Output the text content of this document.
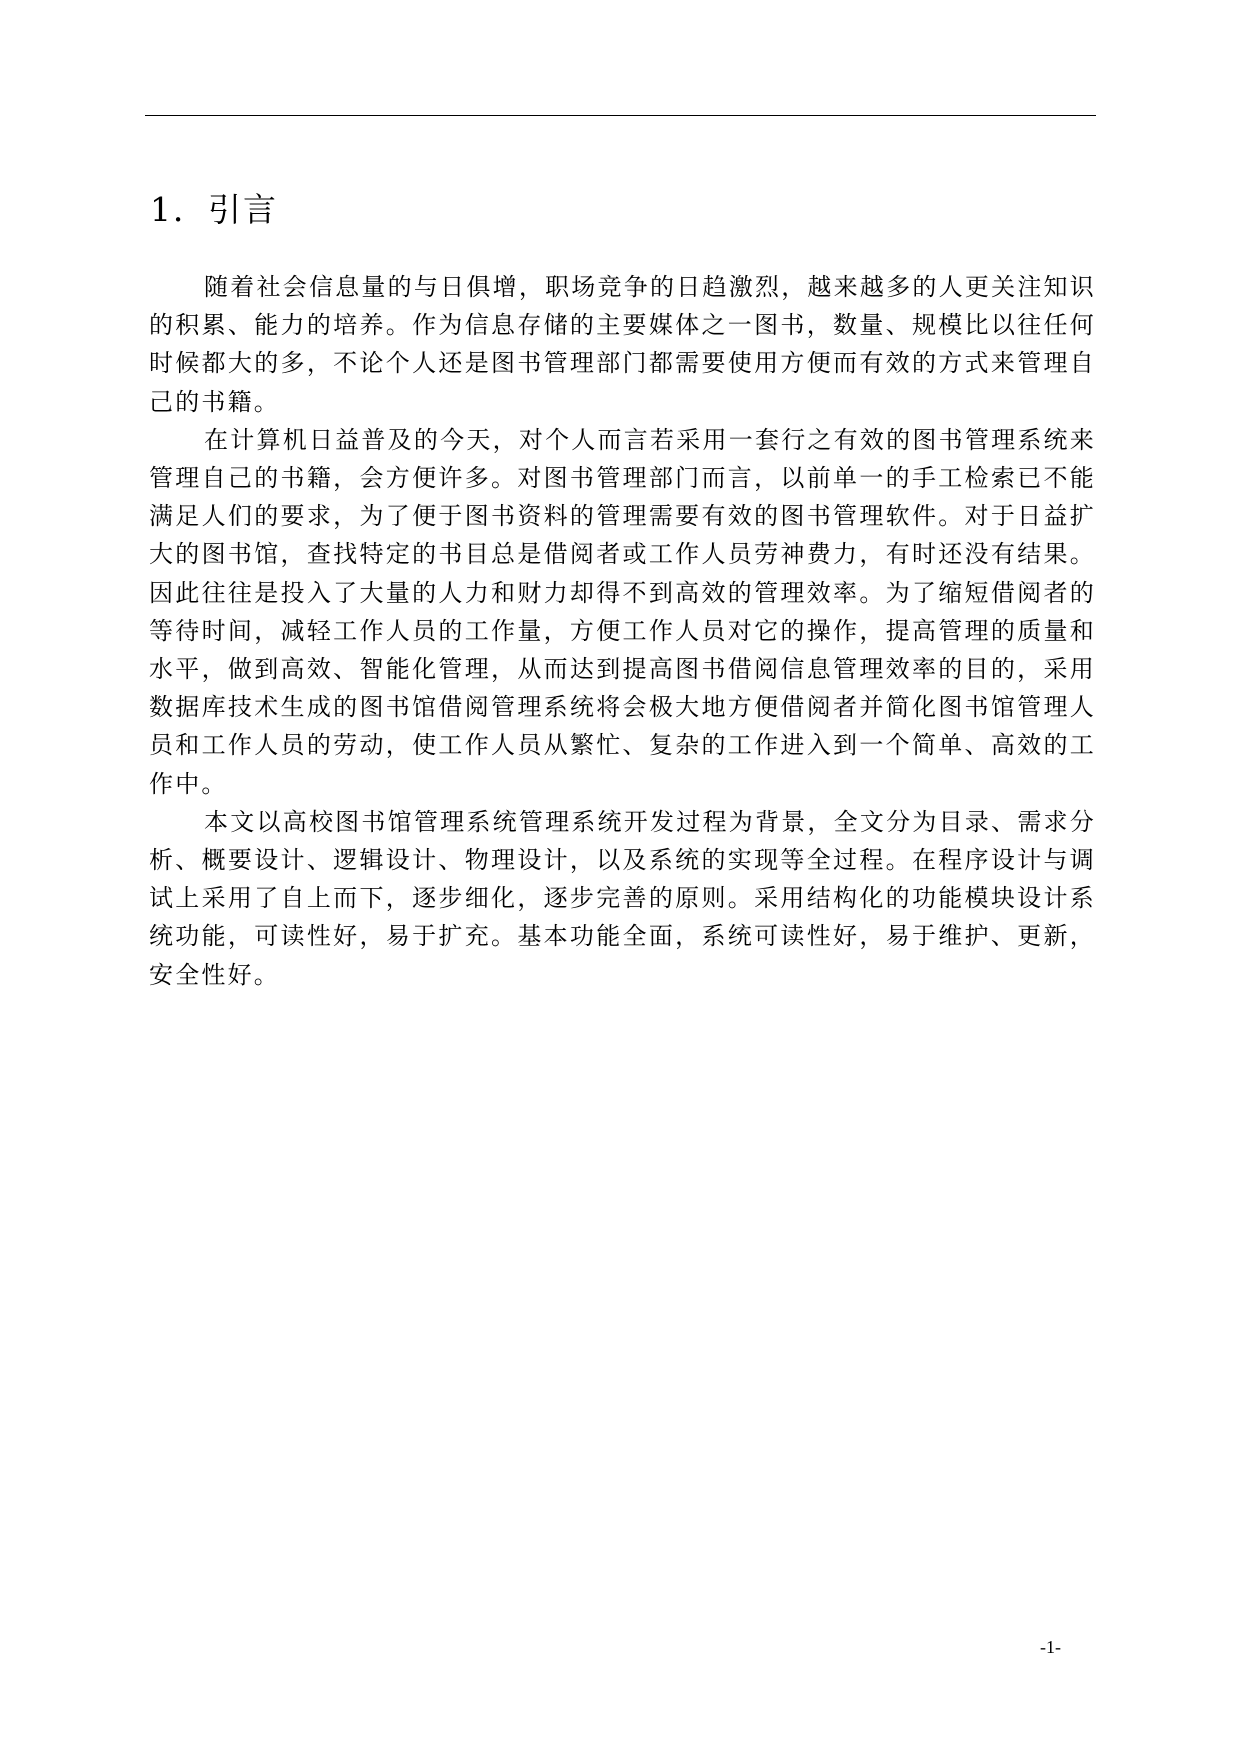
1．引言

随着社会信息量的与日俱增，职场竞争的日趋激烈，越来越多的人更关注知识的积累、能力的培养。作为信息存储的主要媒体之一图书，数量、规模比以往任何时候都大的多，不论个人还是图书管理部门都需要使用方便而有效的方式来管理自己的书籍。

在计算机日益普及的今天，对个人而言若采用一套行之有效的图书管理系统来管理自己的书籍，会方便许多。对图书管理部门而言，以前单一的手工检索已不能满足人们的要求，为了便于图书资料的管理需要有效的图书管理软件。对于日益扩大的图书馆，查找特定的书目总是借阅者或工作人员劳神费力，有时还没有结果。因此往往是投入了大量的人力和财力却得不到高效的管理效率。为了缩短借阅者的等待时间，减轻工作人员的工作量，方便工作人员对它的操作，提高管理的质量和水平，做到高效、智能化管理，从而达到提高图书借阅信息管理效率的目的，采用数据库技术生成的图书馆借阅管理系统将会极大地方便借阅者并简化图书馆管理人员和工作人员的劳动，使工作人员从繁忙、复杂的工作进入到一个简单、高效的工作中。

本文以高校图书馆管理系统管理系统开发过程为背景，全文分为目录、需求分析、概要设计、逻辑设计、物理设计，以及系统的实现等全过程。在程序设计与调试上采用了自上而下，逐步细化，逐步完善的原则。采用结构化的功能模块设计系统功能，可读性好，易于扩充。基本功能全面，系统可读性好，易于维护、更新，安全性好。

-1-
